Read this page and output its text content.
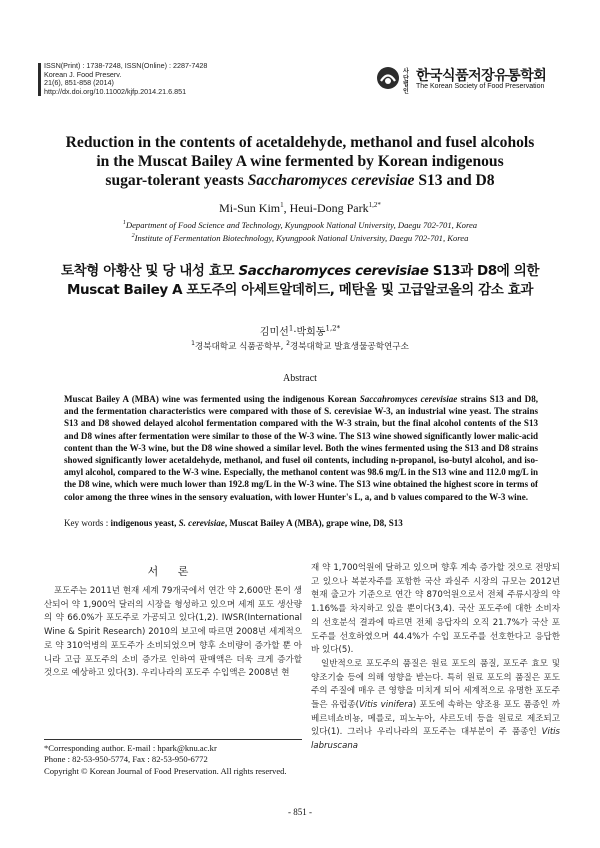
ISSN(Print) : 1738-7248, ISSN(Online) : 2287-7428
Korean J. Food Preserv.
21(6), 851-858 (2014)
http://dx.doi.org/10.11002/kjfp.2014.21.6.851
사단 법인
한국식품저장유통학회
The Korean Society of Food Preservation
Reduction in the contents of acetaldehyde, methanol and fusel alcohols
in the Muscat Bailey A wine fermented by Korean indigenous
sugar-tolerant yeasts Saccharomyces cerevisiae S13 and D8
Mi-Sun Kim$^1$, Heui-Dong Park$^{1,2*}$
$^1$Department of Food Science and Technology, Kyungpook National University, Daegu 702-701, Korea
$^2$Institute of Fermentation Biotechnology, Kyungpook National University, Daegu 702-701, Korea
토착형 아황산 및 당 내성 효모 Saccharomyces cerevisiae S13과 D8에 의한
Muscat Bailey A 포도주의 아세트알데히드, 메탄올 및 고급알코올의 감소 효과
김미선$^1$·박희동$^{1,2*}$
$^1$경북대학교 식품공학부, $^2$경북대학교 발효생물공학연구소
Abstract
Muscat Bailey A (MBA) wine was fermented using the indigenous Korean Saccahromyces cerevisiae strains S13 and D8, and the fermentation characteristics were compared with those of S. cerevisiae W-3, an industrial wine yeast. The strains S13 and D8 showed delayed alcohol fermentation compared with the W-3 strain, but the final alcohol contents of the S13 and D8 wines after fermentation were similar to those of the W-3 wine. The S13 wine showed significantly lower malic-acid content than the W-3 wine, but the D8 wine showed a similar level. Both the wines fermented using the S13 and D8 strains showed significantly lower acetaldehyde, methanol, and fusel oil contents, including n-propanol, iso-butyl alcohol, and iso-amyl alcohol, compared to the W-3 wine. Especially, the methanol content was 98.6 mg/L in the S13 wine and 112.0 mg/L in the D8 wine, which were much lower than 192.8 mg/L in the W-3 wine. The S13 wine obtained the highest score in terms of color among the three wines in the sensory evaluation, with lower Hunter's L, a, and b values compared to the W-3 wine.
Key words : indigenous yeast, S. cerevisiae, Muscat Bailey A (MBA), grape wine, D8, S13
서 론

포도주는 2011년 현재 세계 79개국에서 연간 약 2,600만 톤이 생산되어 약 1,900억 달러의 시장을 형성하고 있으며 세계 포도 생산량의 약 66.0%가 포도주로 가공되고 있다(1,2). IWSR(International Wine & Spirit Research) 2010의 보고에 따르면 2008년 세계적으로 약 310억병의 포도주가 소비되었으며 향후 소비량이 증가할 뿐 아니라 고급 포도주의 소비 증가로 인하여 판매액은 더욱 크게 증가할 것으로 예상하고 있다(3). 우리나라의 포도주 수입액은 2008년 현

재 약 1,700억원에 달하고 있으며 향후 계속 증가할 것으로 전망되고 있으나 복분자주를 포함한 국산 과실주 시장의 규모는 2012년 현재 출고가 기준으로 연간 약 870억원으로서 전체 주류시장의 약 1.16%를 차지하고 있을 뿐이다(3,4). 국산 포도주에 대한 소비자의 선호분석 결과에 따르면 전체 응답자의 오직 21.7%가 국산 포도주를 선호하였으며 44.4%가 수입 포도주를 선호한다고 응답한 바 있다(5).

일반적으로 포도주의 품질은 원료 포도의 품질, 포도주 효모 및 양조기술 등에 의해 영향을 받는다. 특히 원료 포도의 품질은 포도주의 주질에 매우 큰 영향을 미치게 되어 세계적으로 유명한 포도주들은 유럽종(Vitis vinifera) 포도에 속하는 양조용 포도 품종인 까베르네쇼비뇽, 메를로, 피노누아, 샤르도네 등을 원료로 제조되고 있다(1). 그러나 우리나라의 포도주는 대부분이 주 품종인 Vitis labruscana

*Corresponding author. E-mail : hpark@knu.ac.kr
Phone : 82-53-950-5774, Fax : 82-53-950-6772
Copyright © Korean Journal of Food Preservation. All rights reserved.
- 851 -
